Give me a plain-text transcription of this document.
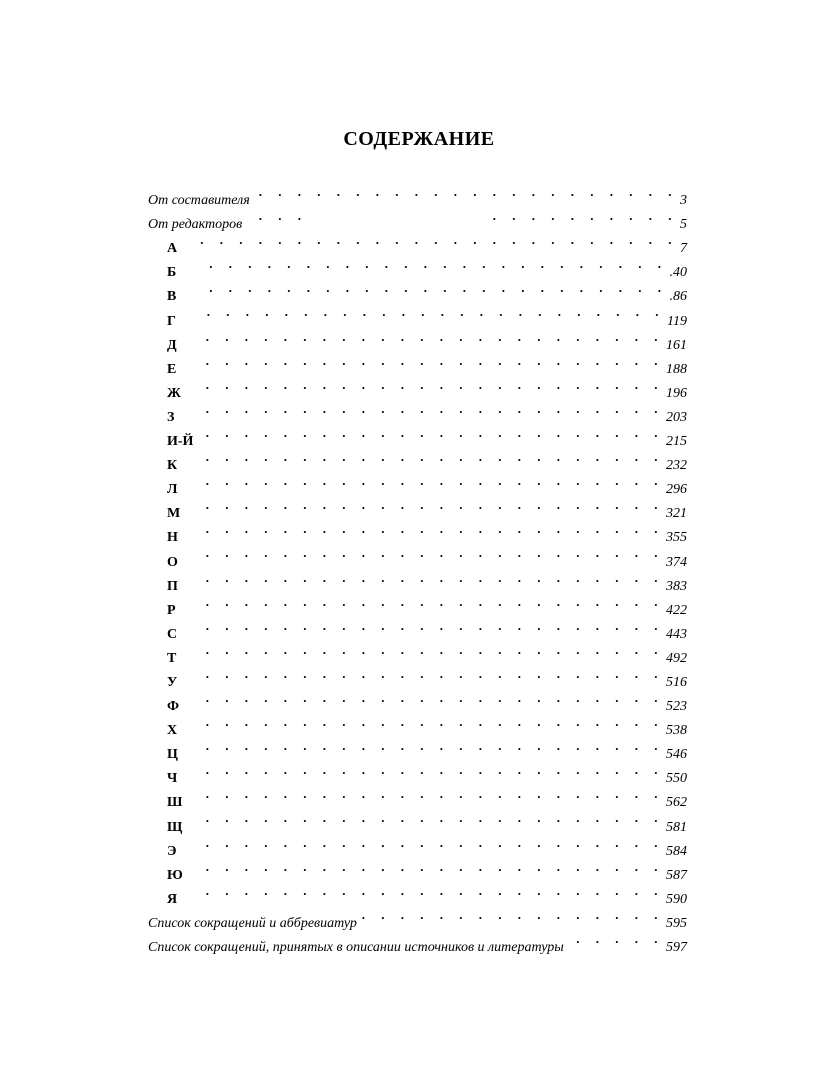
СОДЕРЖАНИЕ
От составителя . . .	3
От редакторов . . .	5
А . . .	7
Б . . .	.40
В . . .	.86
Г . . .	119
Д . . .	161
Е . . .	188
Ж . . .	196
З . . .	203
И-Й . . .	215
К . . .	232
Л . . .	296
М . . .	321
Н . . .	355
О . . .	374
П . . .	383
Р . . .	422
С . . .	443
Т . . .	492
У . . .	516
Ф . . .	523
Х . . .	538
Ц . . .	546
Ч . . .	550
Ш . . .	562
Щ . . .	581
Э . . .	584
Ю . . .	587
Я . . .	590
Список сокращений и аббревиатур . . .	595
Список сокращений, принятых в описании источников и литературы . . .	597
